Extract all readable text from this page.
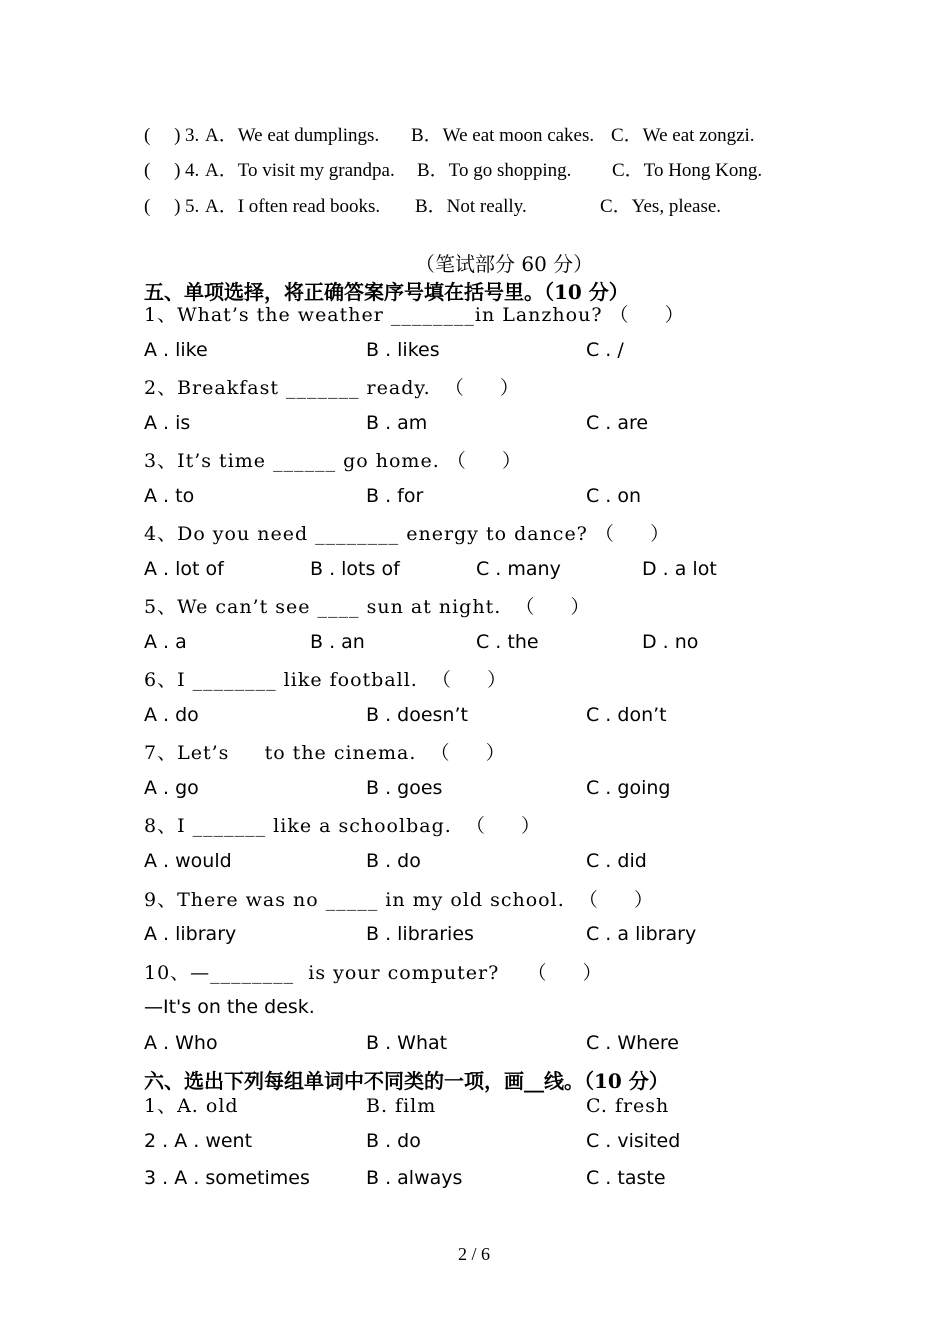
(     ) 3. A．We eat dumplings. B．We eat moon cakes. C．We eat zongzi.
(     ) 4. A．To visit my grandpa. B．To go shopping. C．To Hong Kong.
(     ) 5. A．I often read books. B．Not really.	C．Yes, please.
（笔试部分 60 分）
五、单项选择，将正确答案序号填在括号里。（10 分）
1、What’s the weather ________in Lanzhou? （     ）
A . like	B . likes	C . /
2、Breakfast _______ ready.  （     ）
A . is	B . am	C . are
3、It’s time ______ go home. （     ）
A . to	B . for	C . on
4、Do you need ________ energy to dance? （     ）
A . lot of	B . lots of	C . many	D . a lot
5、We can’t see ____ sun at night.  （     ）
A . a	B . an	C . the	D . no
6、I ________ like football.  （     ）
A . do	B . doesn’t	C . don’t
7、Let’s     to the cinema.  （     ）
A . go	B . goes	C . going
8、I _______ like a schoolbag.  （     ）
A . would	B . do	C . did
9、There was no _____ in my old school.  （     ）
A . library	B . libraries	C . a library
10、—________  is your computer?    （     ）
—It's on the desk.
A . Who	B . What	C . Where
六、选出下列每组单词中不同类的一项，画__线。（10 分）
1、A. old	B. film	C. fresh
2 . A . went	B . do	C . visited
3 . A . sometimes	B . always	C . taste
2 / 6
